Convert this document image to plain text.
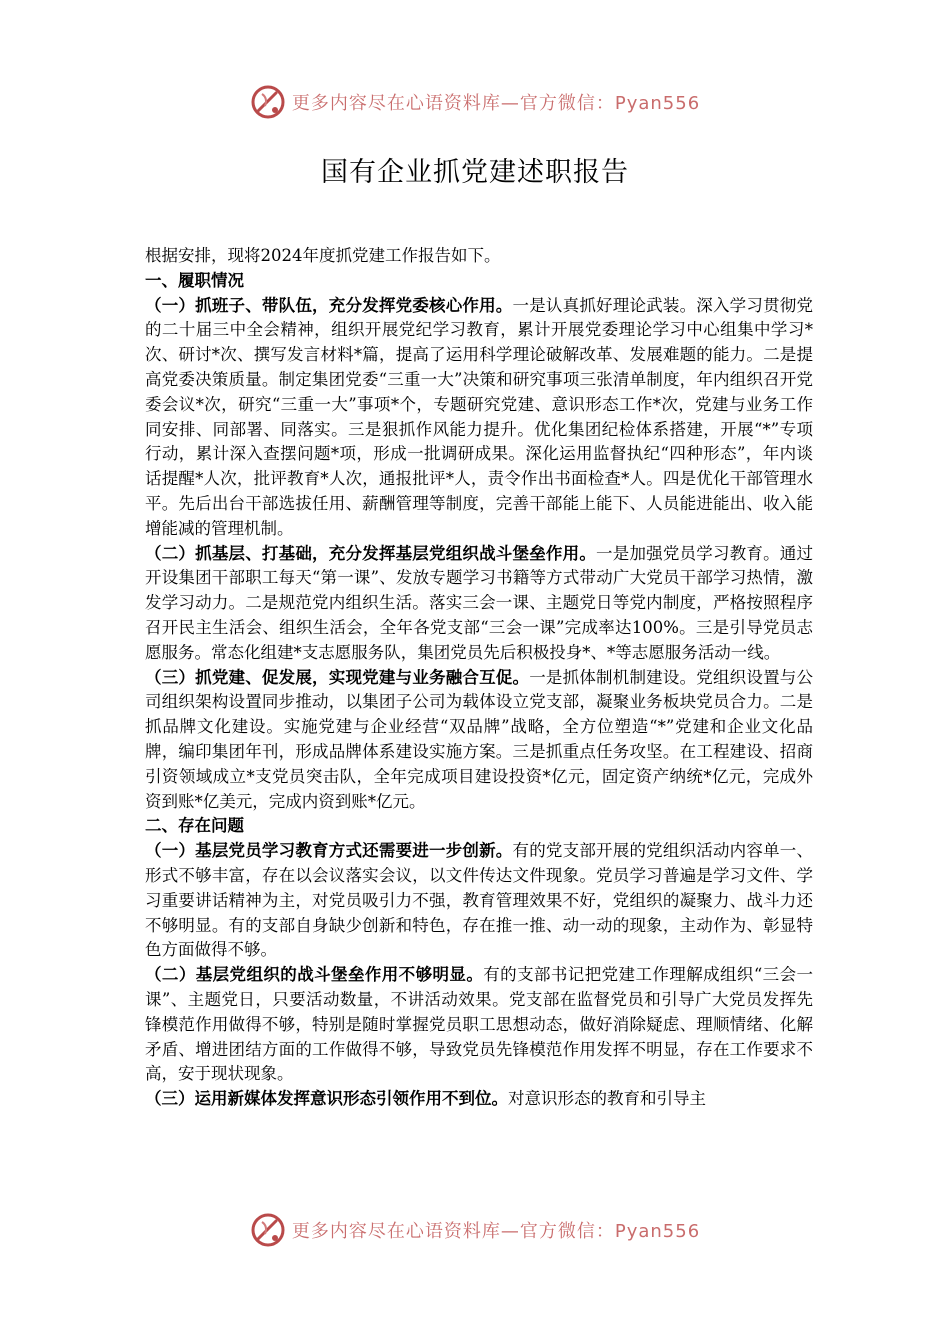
更多内容尽在心语资料库—官方微信：Pyan556
国有企业抓党建述职报告

根据安排，现将2024年度抓党建工作报告如下。

一、履职情况

（一）抓班子、带队伍，充分发挥党委核心作用。一是认真抓好理论武装。深入学习贯彻党的二十届三中全会精神，组织开展党纪学习教育，累计开展党委理论学习中心组集中学习*次、研讨*次、撰写发言材料*篇，提高了运用科学理论破解改革、发展难题的能力。二是提高党委决策质量。制定集团党委“三重一大”决策和研究事项三张清单制度，年内组织召开党委会议*次，研究“三重一大”事项*个，专题研究党建、意识形态工作*次，党建与业务工作同安排、同部署、同落实。三是狠抓作风能力提升。优化集团纪检体系搭建，开展“*”专项行动，累计深入查摆问题*项，形成一批调研成果。深化运用监督执纪“四种形态”，年内谈话提醒*人次，批评教育*人次，通报批评*人，责令作出书面检查*人。四是优化干部管理水平。先后出台干部选拔任用、薪酬管理等制度，完善干部能上能下、人员能进能出、收入能增能减的管理机制。

（二）抓基层、打基础，充分发挥基层党组织战斗堡垒作用。一是加强党员学习教育。通过开设集团干部职工每天“第一课”、发放专题学习书籍等方式带动广大党员干部学习热情，激发学习动力。二是规范党内组织生活。落实三会一课、主题党日等党内制度，严格按照程序召开民主生活会、组织生活会，全年各党支部“三会一课”完成率达100%。三是引导党员志愿服务。常态化组建*支志愿服务队，集团党员先后积极投身*、*等志愿服务活动一线。

（三）抓党建、促发展，实现党建与业务融合互促。一是抓体制机制建设。党组织设置与公司组织架构设置同步推动，以集团子公司为载体设立党支部，凝聚业务板块党员合力。二是抓品牌文化建设。实施党建与企业经营“双品牌”战略，全方位塑造“*”党建和企业文化品牌，编印集团年刊，形成品牌体系建设实施方案。三是抓重点任务攻坚。在工程建设、招商引资领域成立*支党员突击队，全年完成项目建设投资*亿元，固定资产纳统*亿元，完成外资到账*亿美元，完成内资到账*亿元。

二、存在问题

（一）基层党员学习教育方式还需要进一步创新。有的党支部开展的党组织活动内容单一、形式不够丰富，存在以会议落实会议，以文件传达文件现象。党员学习普遍是学习文件、学习重要讲话精神为主，对党员吸引力不强，教育管理效果不好，党组织的凝聚力、战斗力还不够明显。有的支部自身缺少创新和特色，存在推一推、动一动的现象，主动作为、彰显特色方面做得不够。

（二）基层党组织的战斗堡垒作用不够明显。有的支部书记把党建工作理解成组织“三会一课”、主题党日，只要活动数量，不讲活动效果。党支部在监督党员和引导广大党员发挥先锋模范作用做得不够，特别是随时掌握党员职工思想动态，做好消除疑虑、理顺情绪、化解矛盾、增进团结方面的工作做得不够，导致党员先锋模范作用发挥不明显，存在工作要求不高，安于现状现象。

（三）运用新媒体发挥意识形态引领作用不到位。对意识形态的教育和引导主

更多内容尽在心语资料库—官方微信：Pyan556
